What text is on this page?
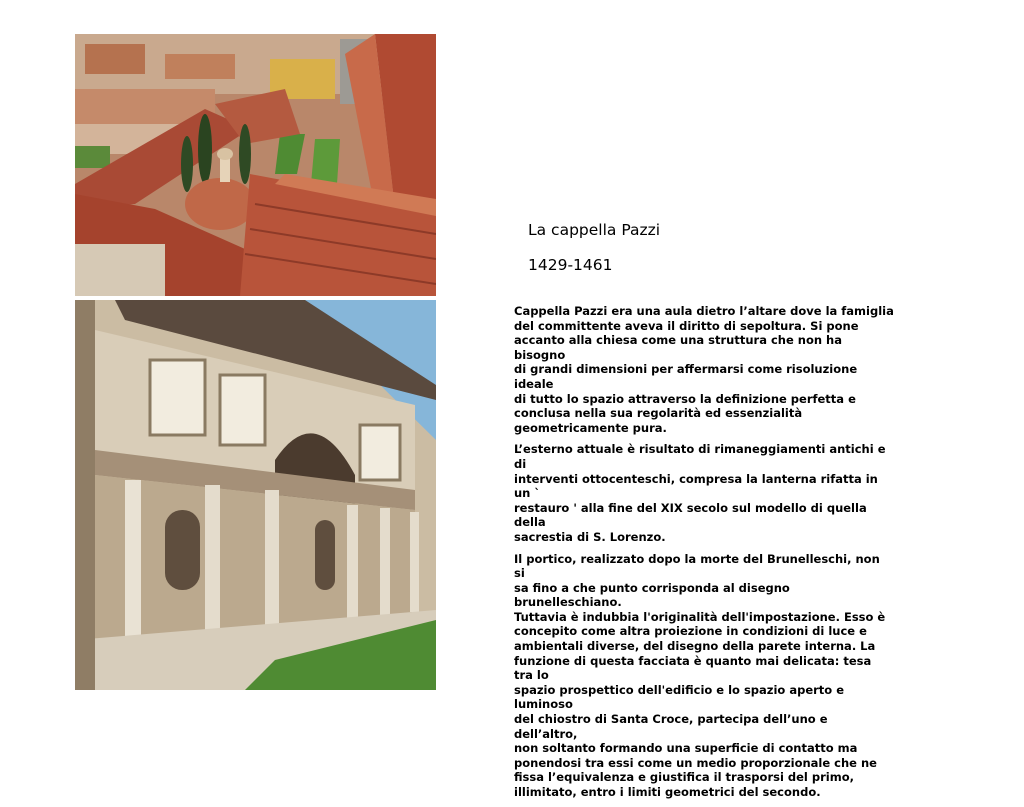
La cappella Pazzi
1429-1461

Cappella Pazzi era una aula dietro l’altare dove la famiglia
del committente aveva il diritto di sepoltura. Si pone
accanto alla chiesa come una struttura che non ha bisogno
di grandi dimensioni per affermarsi come risoluzione ideale
di tutto lo spazio attraverso la definizione perfetta e
conclusa nella sua regolarità ed essenzialità
geometricamente pura.

L’esterno attuale è risultato di rimaneggiamenti antichi e di
interventi ottocenteschi, compresa la lanterna rifatta in un `
restauro ' alla fine del XIX secolo sul modello di quella della
sacrestia di S. Lorenzo.

Il portico, realizzato dopo la morte del Brunelleschi, non si
sa fino a che punto corrisponda al disegno brunelleschiano.
Tuttavia è indubbia l'originalità dell'impostazione. Esso è
concepito come altra proiezione in condizioni di luce e
ambientali diverse, del disegno della parete interna. La
funzione di questa facciata è quanto mai delicata: tesa tra lo
spazio prospettico dell'edificio e lo spazio aperto e luminoso
del chiostro di Santa Croce, partecipa dell’uno e dell’altro,
non soltanto formando una superficie di contatto ma
ponendosi tra essi come un medio proporzionale che ne
fissa l’equivalenza e giustifica il trasporsi del primo,
illimitato, entro i limiti geometrici del secondo.
